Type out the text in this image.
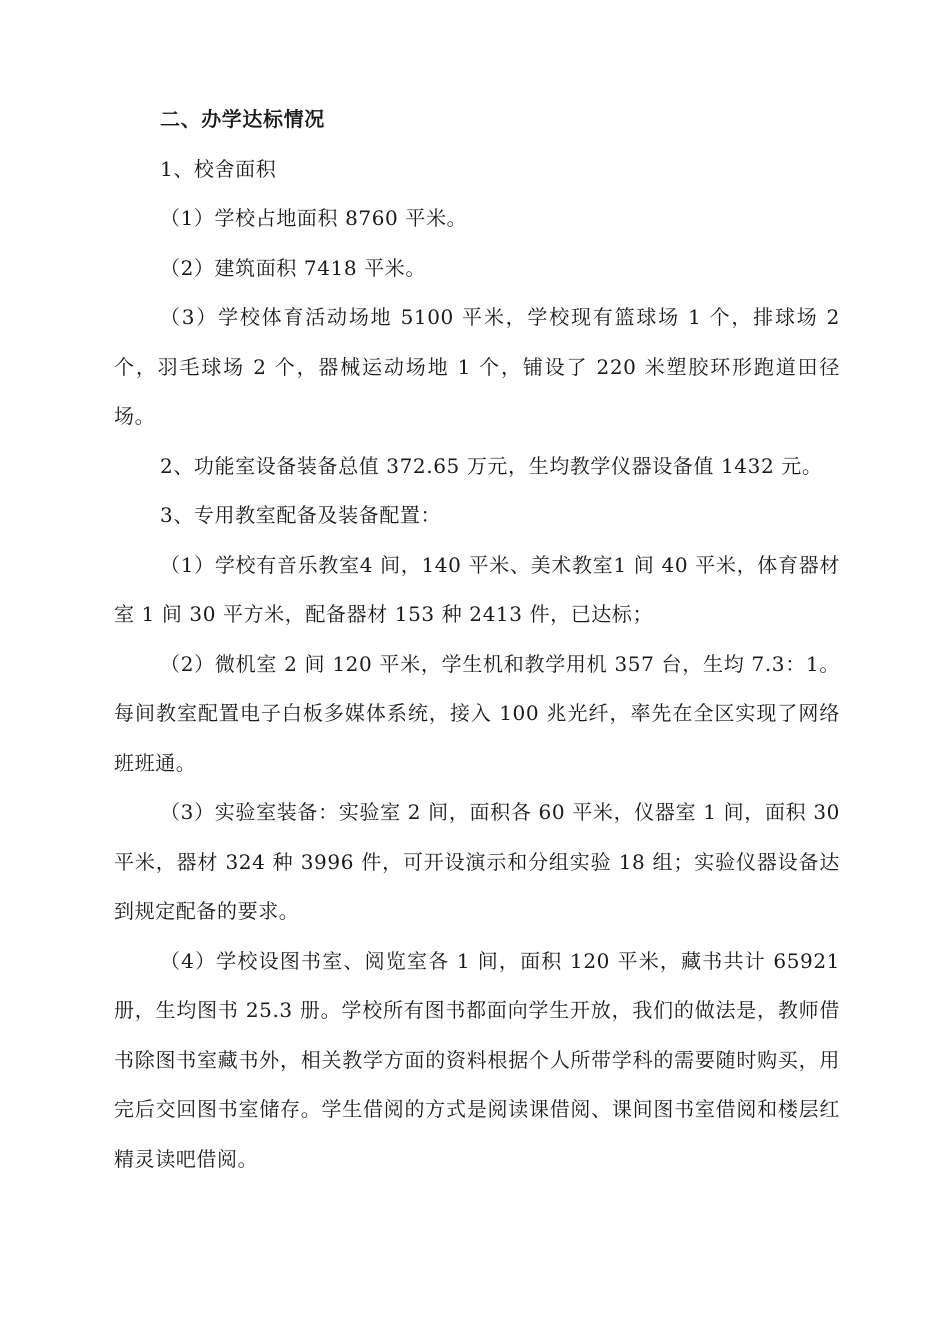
二、办学达标情况

1、校舍面积

（1）学校占地面积 8760 平米。

（2）建筑面积 7418 平米。

（3）学校体育活动场地 5100 平米，学校现有篮球场 1 个，排球场 2 个，羽毛球场 2 个，器械运动场地 1 个，铺设了 220 米塑胶环形跑道田径场。

2、功能室设备装备总值 372.65 万元，生均教学仪器设备值 1432 元。

3、专用教室配备及装备配置：

（1）学校有音乐教室4 间，140 平米、美术教室1 间 40 平米，体育器材室 1 间 30 平方米，配备器材 153 种 2413 件，已达标；

（2）微机室 2 间 120 平米，学生机和教学用机 357 台，生均 7.3：1。每间教室配置电子白板多媒体系统，接入 100 兆光纤，率先在全区实现了网络班班通。

（3）实验室装备：实验室 2 间，面积各 60 平米，仪器室 1 间，面积 30 平米，器材 324 种 3996 件，可开设演示和分组实验 18 组；实验仪器设备达到规定配备的要求。

（4）学校设图书室、阅览室各 1 间，面积 120 平米，藏书共计 65921 册，生均图书 25.3 册。学校所有图书都面向学生开放，我们的做法是，教师借书除图书室藏书外，相关教学方面的资料根据个人所带学科的需要随时购买，用完后交回图书室储存。学生借阅的方式是阅读课借阅、课间图书室借阅和楼层红精灵读吧借阅。
